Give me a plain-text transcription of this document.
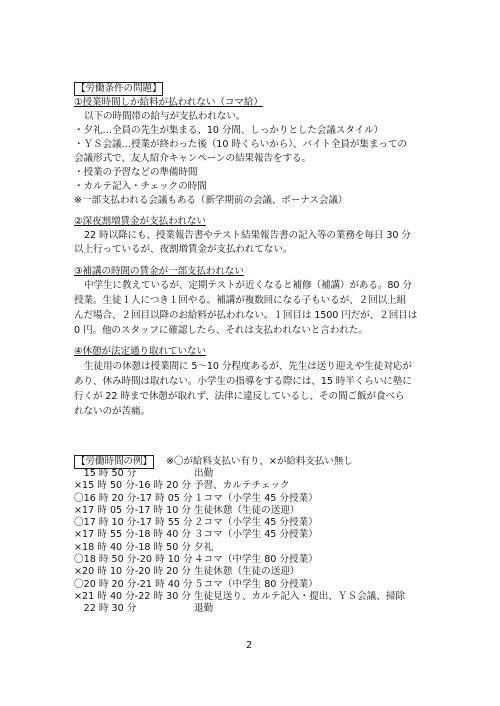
【労働条件の問題】
①授業時間しか給料が払われない（コマ給）
以下の時間帯の給与が支払われない。
・夕礼…全員の先生が集まる、10 分間、しっかりとした会議スタイル）
・ＹＳ会議…授業が終わった後（10 時くらいから）、バイト全員が集まっての
会議形式で、友人紹介キャンペーンの結果報告をする。
・授業の予習などの準備時間
・カルテ記入・チェックの時間
※一部支払われる会議もある（新学期前の会議、ボーナス会議）
②深夜割増賃金が支払われない
22 時以降にも、授業報告書やテスト結果報告書の記入等の業務を毎日 30 分
以上行っているが、夜割増賃金が支払われてない。
③補講の時間の賃金が一部支払われない
中学生に教えているが、定期テストが近くなると補修（補講）がある。80 分
授業。生徒１人につき１回やる。補講が複数回になる子もいるが、２回以上組
んだ場合、２回目以降のお給料が払われない。１回目は 1500 円だが、２回目は
0 円。他のスタッフに確認したら、それは支払われないと言われた。
④休憩が法定通り取れていない
生徒用の休憩は授業間に 5〜10 分程度あるが、先生は送り迎えや生徒対応が
あり、休み時間は取れない。小学生の指導をする際には、15 時半くらいに塾に
行くが 22 時まで休憩が取れず、法律に違反しているし、その間ご飯が食べら
れないのが苦痛。
【労働時間の例】 ※〇が給料支払い有り、×が給料支払い無し
　15 時 50 分	出勤
×15 時 50 分-16 時 20 分 予習、カルテチェック
〇16 時 20 分-17 時 05 分 １コマ（小学生 45 分授業）
×17 時 05 分-17 時 10 分 生徒休憩（生徒の送迎）
〇17 時 10 分-17 時 55 分 ２コマ（小学生 45 分授業）
×17 時 55 分-18 時 40 分 ３コマ（小学生 45 分授業）
×18 時 40 分-18 時 50 分 夕礼
〇18 時 50 分-20 時 10 分 ４コマ（中学生 80 分授業）
×20 時 10 分-20 時 20 分 生徒休憩（生徒の送迎）
〇20 時 20 分-21 時 40 分 ５コマ（中学生 80 分授業）
×21 時 40 分-22 時 30 分 生徒見送り、カルテ記入・提出、ＹＳ会議、掃除
　22 時 30 分	退勤
2
